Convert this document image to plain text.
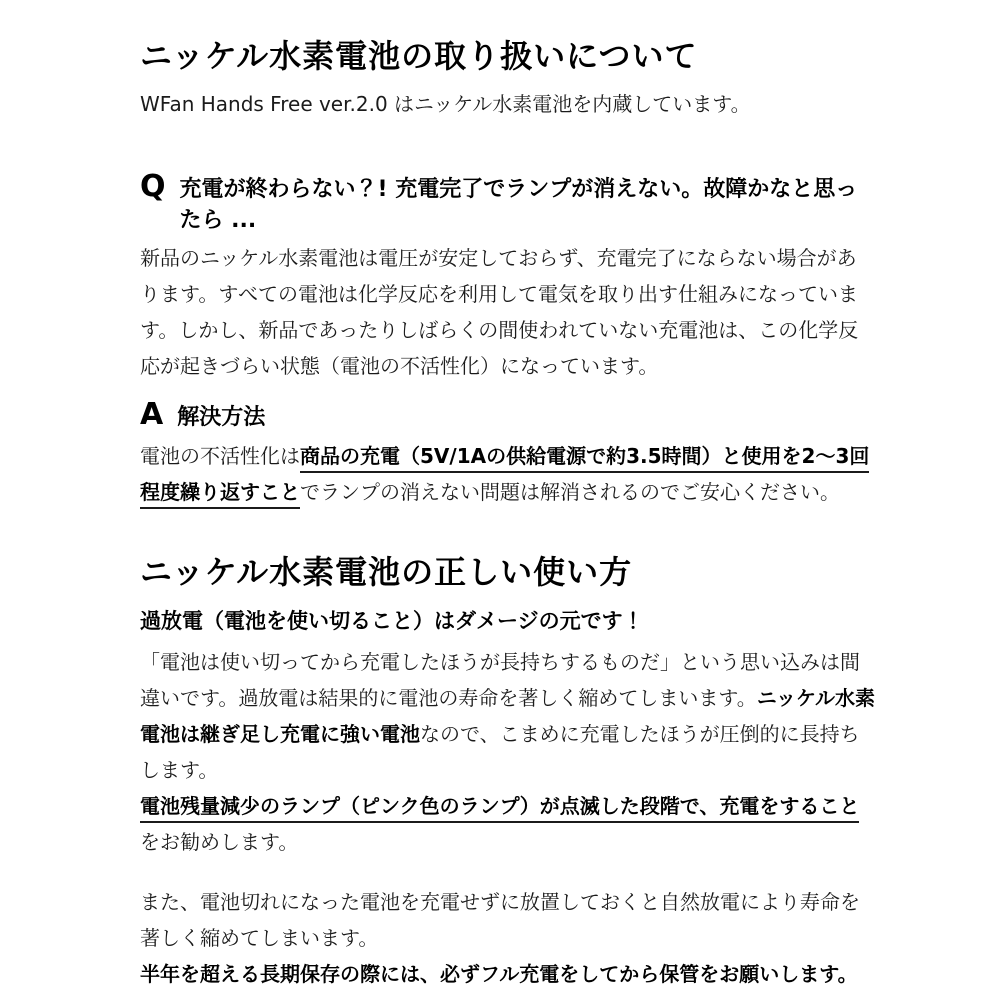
ニッケル水素電池の取り扱いについて

WFan Hands Free ver.2.0 はニッケル水素電池を内蔵しています。

Q 充電が終わらない？! 充電完了でランプが消えない。故障かなと思ったら ...

新品のニッケル水素電池は電圧が安定しておらず、充電完了にならない場合があります。すべての電池は化学反応を利用して電気を取り出す仕組みになっています。しかし、新品であったりしばらくの間使われていない充電池は、この化学反応が起きづらい状態（電池の不活性化）になっています。

A 解決方法

電池の不活性化は商品の充電（5V/1Aの供給電源で約3.5時間）と使用を2～3回程度繰り返すことでランプの消えない問題は解消されるのでご安心ください。

ニッケル水素電池の正しい使い方

過放電（電池を使い切ること）はダメージの元です！

「電池は使い切ってから充電したほうが長持ちするものだ」という思い込みは間違いです。過放電は結果的に電池の寿命を著しく縮めてしまいます。ニッケル水素電池は継ぎ足し充電に強い電池なので、こまめに充電したほうが圧倒的に長持ちします。

電池残量減少のランプ（ピンク色のランプ）が点滅した段階で、充電をすることをお勧めします。

また、電池切れになった電池を充電せずに放置しておくと自然放電により寿命を著しく縮めてしまいます。

半年を超える長期保存の際には、必ずフル充電をしてから保管をお願いします。
